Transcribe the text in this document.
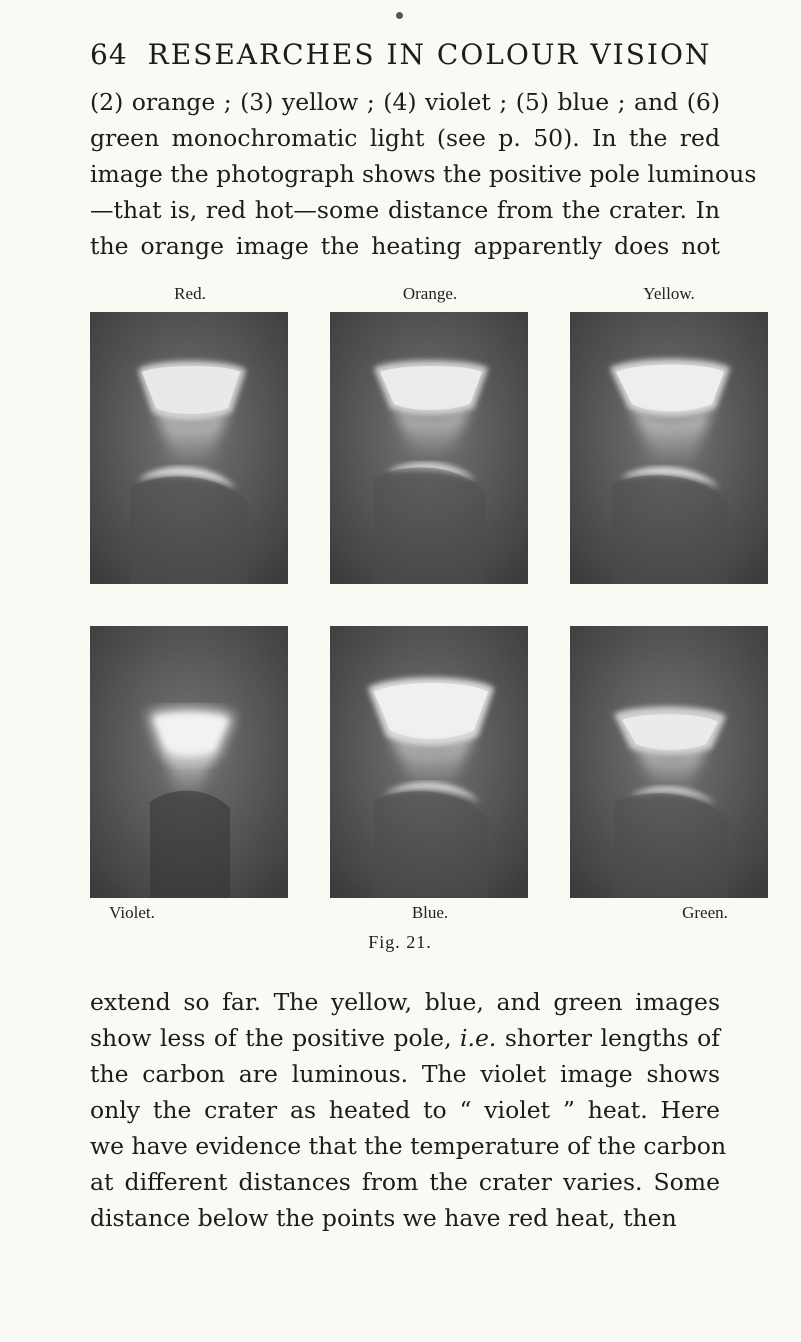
64 RESEARCHES IN COLOUR VISION
(2) orange ; (3) yellow ; (4) violet ; (5) blue ; and (6)
green monochromatic light (see p. 50). In the red
image the photograph shows the positive pole luminous
—that is, red hot—some distance from the crater. In
the orange image the heating apparently does not
Red.	Orange.	Yellow.
Violet.	Blue.	Green.
Fig. 21.
extend so far. The yellow, blue, and green images
show less of the positive pole, i.e. shorter lengths of
the carbon are luminous. The violet image shows
only the crater as heated to “ violet ” heat. Here
we have evidence that the temperature of the carbon
at different distances from the crater varies. Some
distance below the points we have red heat, then
